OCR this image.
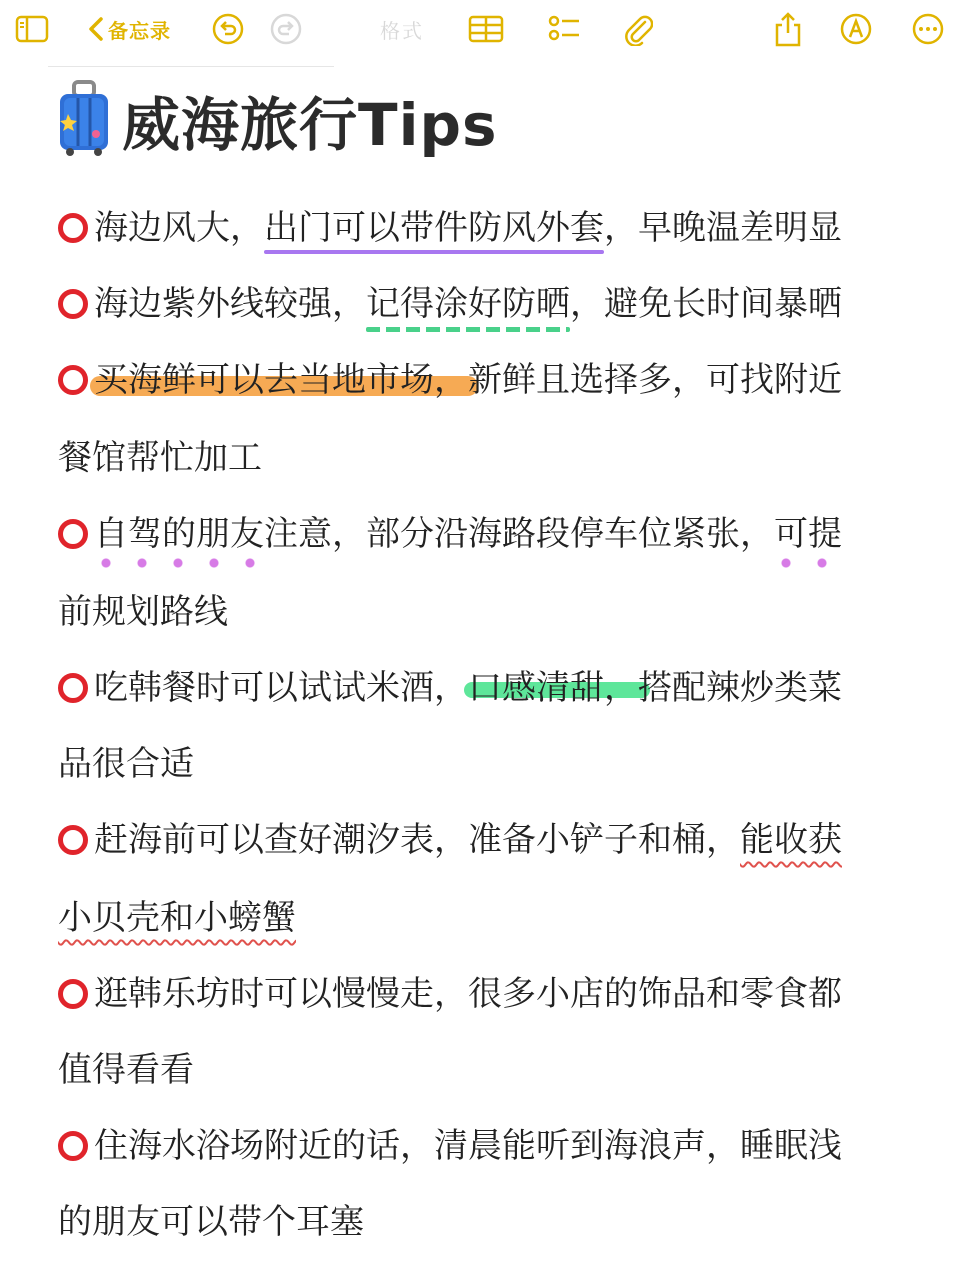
备忘录	格式
威海旅行Tips
海边风大，出门可以带件防风外套，早晚温差明显
海边紫外线较强，记得涂好防晒，避免长时间暴晒
买海鲜可以去当地市场，新鲜且选择多，可找附近
餐馆帮忙加工
自驾的朋友注意，部分沿海路段停车位紧张，可提
前规划路线
吃韩餐时可以试试米酒，口感清甜，搭配辣炒类菜
品很合适
赶海前可以查好潮汐表，准备小铲子和桶，能收获
小贝壳和小螃蟹
逛韩乐坊时可以慢慢走，很多小店的饰品和零食都
值得看看
住海水浴场附近的话，清晨能听到海浪声，睡眠浅
的朋友可以带个耳塞
